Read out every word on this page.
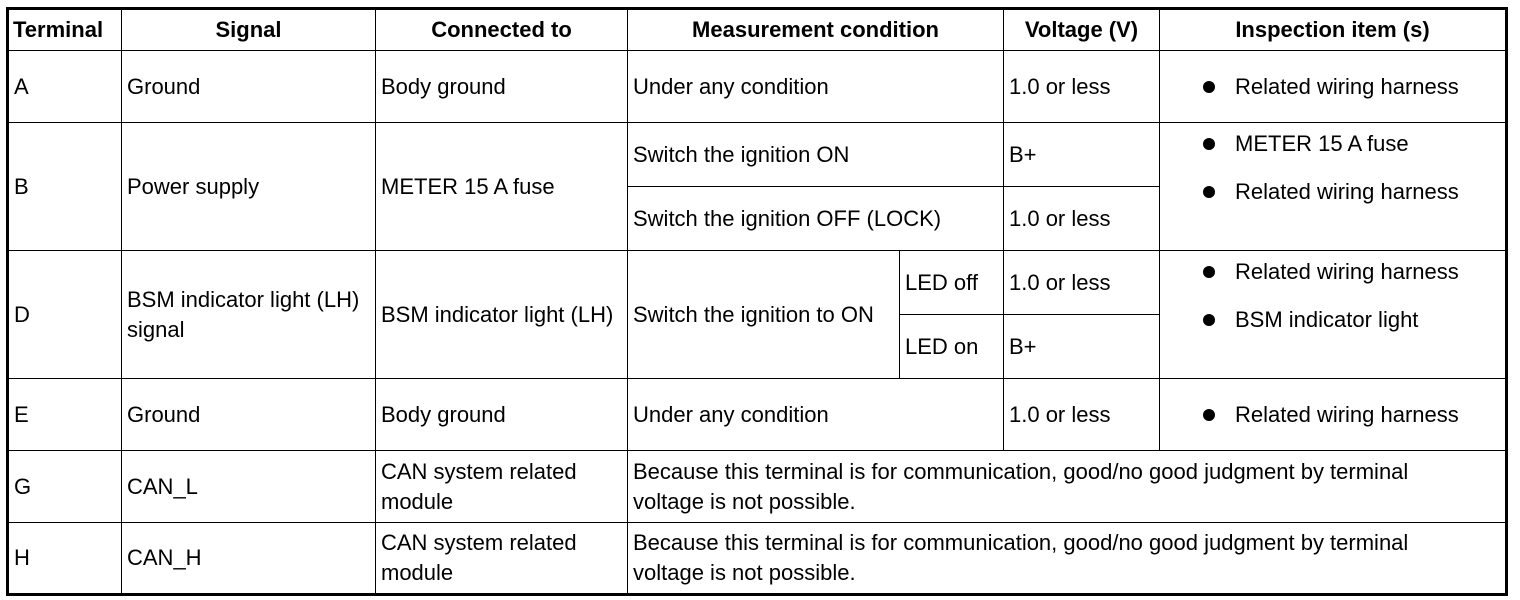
Terminal	Signal	Connected to	Measurement condition		Voltage (V)	Inspection item (s)
A	Ground	Body ground	Under any condition		1.0 or less	Related wiring harness

B	Power supply	METER 15 A fuse	Switch the ignition ON		B+	METER 15 A fuse
Related wiring harness

			Switch the ignition OFF (LOCK)		1.0 or less	
D	BSM indicator light (LH) signal	BSM indicator light (LH)	Switch the ignition to ON	LED off	1.0 or less	Related wiring harness
BSM indicator light

				LED on	B+	
E	Ground	Body ground	Under any condition		1.0 or less	Related wiring harness

G	CAN_L	CAN system related module	Because this terminal is for communication, good/no good judgment by terminal voltage is not possible.			
H	CAN_H	CAN system related module	Because this terminal is for communication, good/no good judgment by terminal voltage is not possible.			
